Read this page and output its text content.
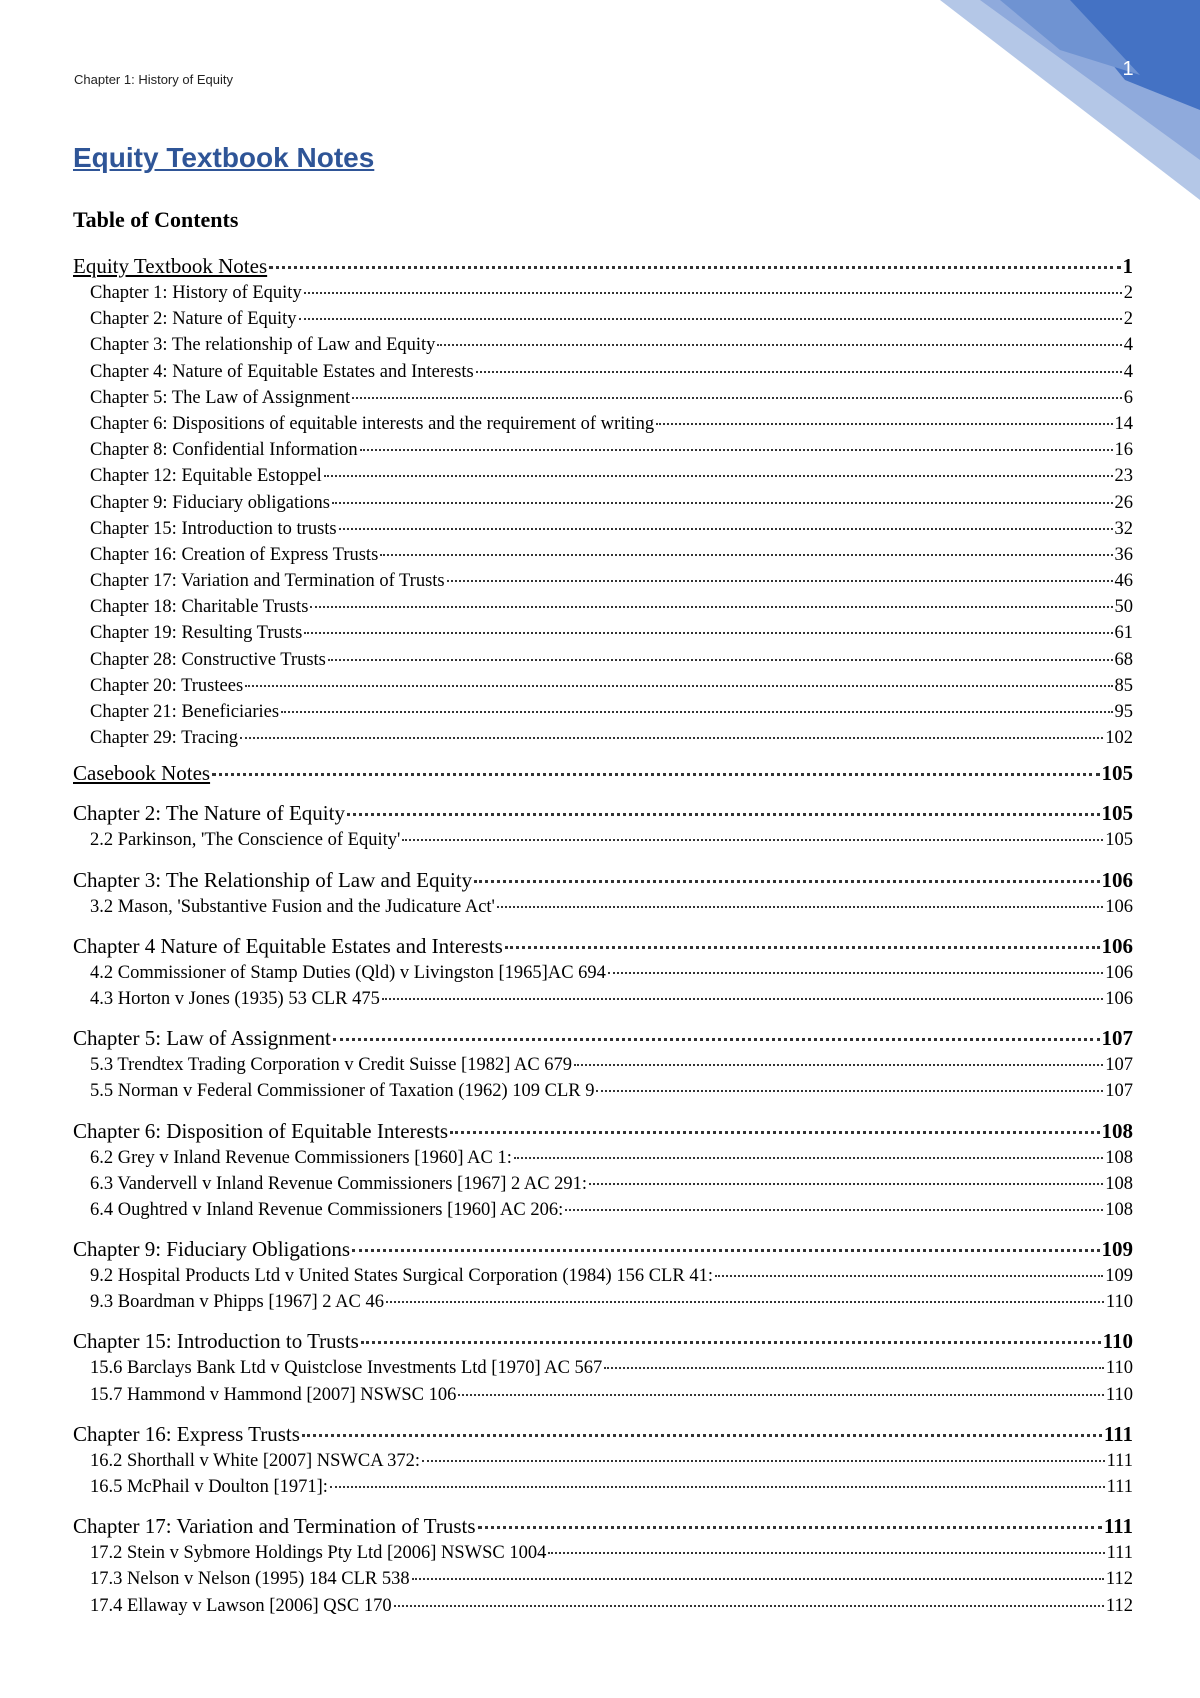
1
Chapter 1: History of Equity
Equity Textbook Notes
Table of Contents
Equity Textbook Notes	1
Chapter 1: History of Equity	2
Chapter 2: Nature of Equity	2
Chapter 3: The relationship of Law and Equity	4
Chapter 4: Nature of Equitable Estates and Interests	4
Chapter 5: The Law of Assignment	6
Chapter 6: Dispositions of equitable interests and the requirement of writing	14
Chapter 8: Confidential Information	16
Chapter 12: Equitable Estoppel	23
Chapter 9: Fiduciary obligations	26
Chapter 15: Introduction to trusts	32
Chapter 16: Creation of Express Trusts	36
Chapter 17: Variation and Termination of Trusts	46
Chapter 18: Charitable Trusts	50
Chapter 19: Resulting Trusts	61
Chapter 28: Constructive Trusts	68
Chapter 20: Trustees	85
Chapter 21: Beneficiaries	95
Chapter 29: Tracing	102
Casebook Notes	105
Chapter 2: The Nature of Equity	105
2.2 Parkinson, 'The Conscience of Equity'	105
Chapter 3: The Relationship of Law and Equity	106
3.2 Mason, 'Substantive Fusion and the Judicature Act'	106
Chapter 4 Nature of Equitable Estates and Interests	106
4.2 Commissioner of Stamp Duties (Qld) v Livingston [1965]AC 694	106
4.3 Horton v Jones (1935) 53 CLR 475	106
Chapter 5: Law of Assignment	107
5.3 Trendtex Trading Corporation v Credit Suisse [1982] AC 679	107
5.5 Norman v Federal Commissioner of Taxation (1962) 109 CLR 9	107
Chapter 6: Disposition of Equitable Interests	108
6.2 Grey v Inland Revenue Commissioners [1960] AC 1:	108
6.3 Vandervell v Inland Revenue Commissioners [1967] 2 AC 291:	108
6.4 Oughtred v Inland Revenue Commissioners [1960] AC 206:	108
Chapter 9: Fiduciary Obligations	109
9.2 Hospital Products Ltd v United States Surgical Corporation (1984) 156 CLR 41:	109
9.3 Boardman v Phipps [1967] 2 AC 46	110
Chapter 15: Introduction to Trusts	110
15.6 Barclays Bank Ltd v Quistclose Investments Ltd [1970] AC 567	110
15.7 Hammond v Hammond [2007] NSWSC 106	110
Chapter 16: Express Trusts	111
16.2 Shorthall v White [2007] NSWCA 372:	111
16.5 McPhail v Doulton [1971]:	111
Chapter 17: Variation and Termination of Trusts	111
17.2 Stein v Sybmore Holdings Pty Ltd [2006] NSWSC 1004	111
17.3 Nelson v Nelson (1995) 184 CLR 538	112
17.4 Ellaway v Lawson [2006] QSC 170	112
